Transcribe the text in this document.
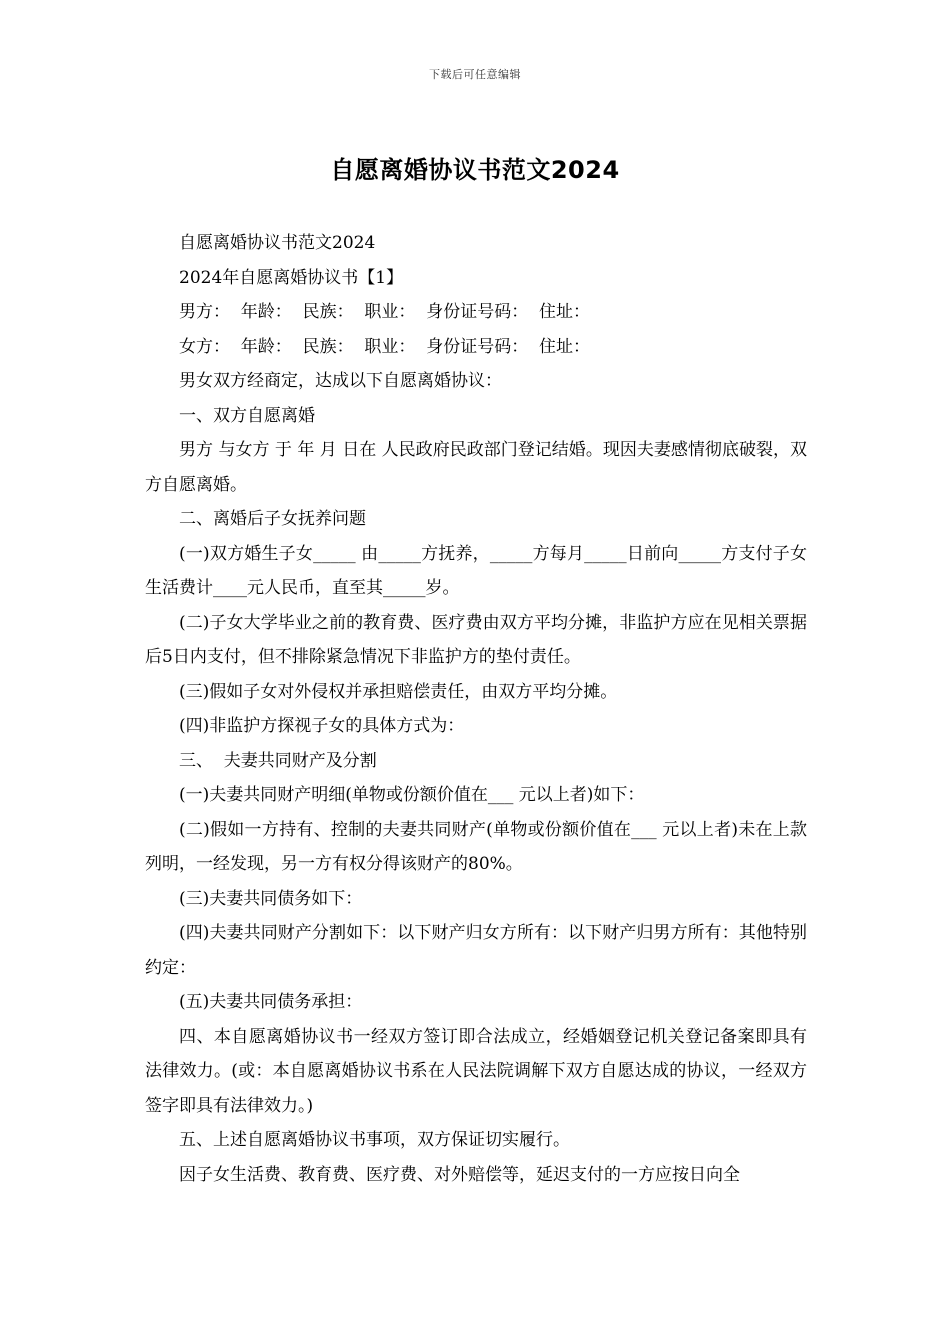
下载后可任意编辑
自愿离婚协议书范文2024

自愿离婚协议书范文2024

2024年自愿离婚协议书【1】

男方：  年龄：  民族：  职业：  身份证号码：  住址：

女方：  年龄：  民族：  职业：  身份证号码：  住址：

男女双方经商定，达成以下自愿离婚协议：

一、双方自愿离婚

男方 与女方 于 年 月 日在 人民政府民政部门登记结婚。现因夫妻感情彻底破裂，双方自愿离婚。

二、离婚后子女抚养问题

(一)双方婚生子女_____ 由_____方抚养，_____方每月_____日前向_____方支付子女生活费计____元人民币，直至其_____岁。

(二)子女大学毕业之前的教育费、医疗费由双方平均分摊，非监护方应在见相关票据后5日内支付，但不排除紧急情况下非监护方的垫付责任。

(三)假如子女对外侵权并承担赔偿责任，由双方平均分摊。

(四)非监护方探视子女的具体方式为：

三、  夫妻共同财产及分割

(一)夫妻共同财产明细(单物或份额价值在___ 元以上者)如下：

(二)假如一方持有、控制的夫妻共同财产(单物或份额价值在___ 元以上者)未在上款列明，一经发现，另一方有权分得该财产的80%。

(三)夫妻共同债务如下：

(四)夫妻共同财产分割如下：以下财产归女方所有：以下财产归男方所有：其他特别约定：

(五)夫妻共同债务承担：

四、本自愿离婚协议书一经双方签订即合法成立，经婚姻登记机关登记备案即具有法律效力。(或：本自愿离婚协议书系在人民法院调解下双方自愿达成的协议，一经双方签字即具有法律效力。)

五、上述自愿离婚协议书事项，双方保证切实履行。

因子女生活费、教育费、医疗费、对外赔偿等，延迟支付的一方应按日向全
